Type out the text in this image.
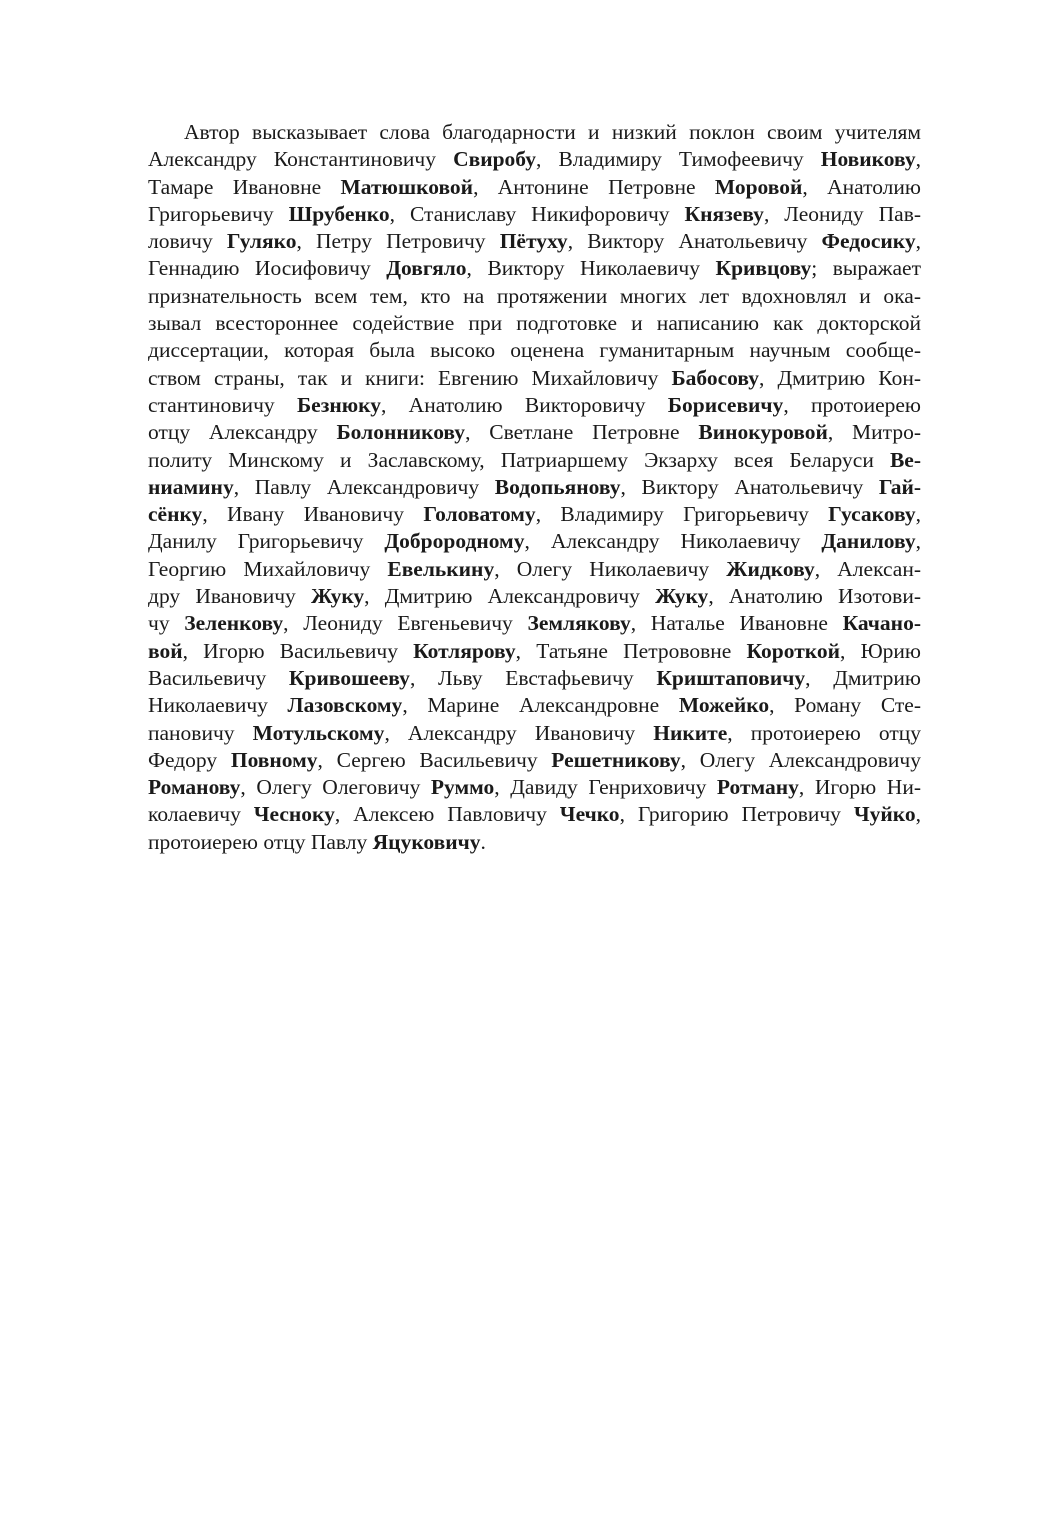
Автор высказывает слова благодарности и низкий поклон своим учителям
Александру Константиновичу Свиробу, Владимиру Тимофеевичу Новикову,
Тамаре Ивановне Матюшковой, Антонине Петровне Моровой, Анатолию
Григорьевичу Шрубенко, Станиславу Никифоровичу Князеву, Леониду Пав-
ловичу Гуляко, Петру Петровичу Пётуху, Виктору Анатольевичу Федосику,
Геннадию Иосифовичу Довгяло, Виктору Николаевичу Кривцову; выражает
признательность всем тем, кто на протяжении многих лет вдохновлял и ока-
зывал всестороннее содействие при подготовке и написанию как докторской
диссертации, которая была высоко оценена гуманитарным научным сообще-
ством страны, так и книги: Евгению Михайловичу Бабосову, Дмитрию Кон-
стантиновичу Безнюку, Анатолию Викторовичу Борисевичу, протоиерею
отцу Александру Болонникову, Светлане Петровне Винокуровой, Митро-
политу Минскому и Заславскому, Патриаршему Экзарху всея Беларуси Ве-
ниамину, Павлу Александровичу Водопьянову, Виктору Анатольевичу Гай-
сёнку, Ивану Ивановичу Головатому, Владимиру Григорьевичу Гусакову,
Данилу Григорьевичу Доброродному, Александру Николаевичу Данилову,
Георгию Михайловичу Евелькину, Олегу Николаевичу Жидкову, Алексан-
дру Ивановичу Жуку, Дмитрию Александровичу Жуку, Анатолию Изотови-
чу Зеленкову, Леониду Евгеньевичу Землякову, Наталье Ивановне Качано-
вой, Игорю Васильевичу Котлярову, Татьяне Петрововне Короткой, Юрию
Васильевичу Кривошееву, Льву Евстафьевичу Криштаповичу, Дмитрию
Николаевичу Лазовскому, Марине Александровне Можейко, Роману Сте-
пановичу Мотульскому, Александру Ивановичу Никите, протоиерею отцу
Федору Повному, Сергею Васильевичу Решетникову, Олегу Александровичу
Романову, Олегу Олеговичу Руммо, Давиду Генриховичу Ротману, Игорю Ни-
колаевичу Чесноку, Алексею Павловичу Чечко, Григорию Петровичу Чуйко,
протоиерею отцу Павлу Яцуковичу.
